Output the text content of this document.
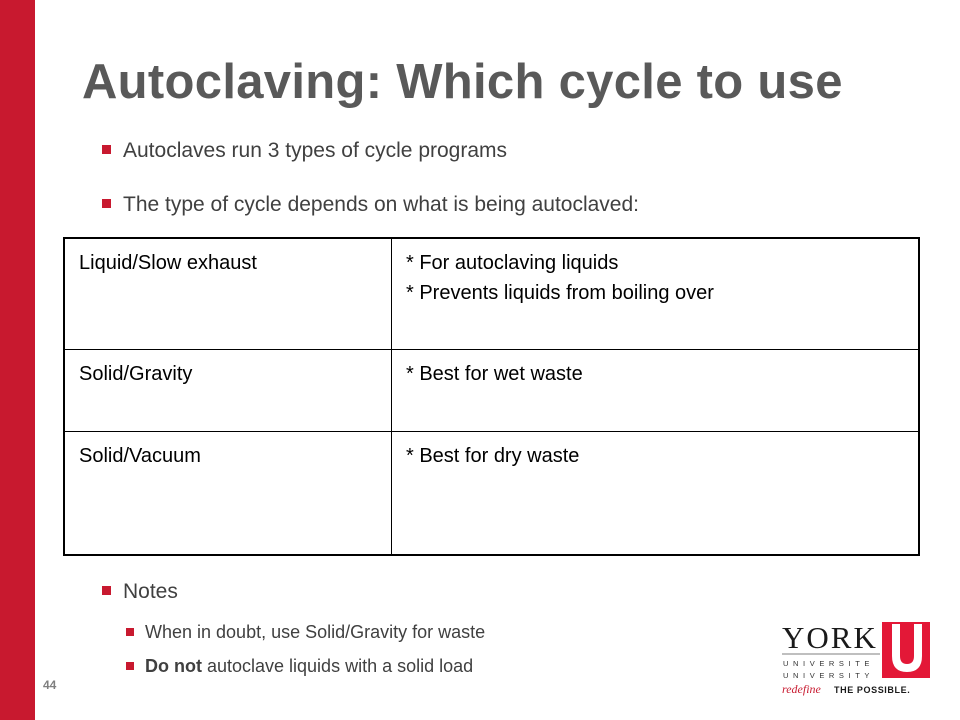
Autoclaving: Which cycle to use
Autoclaves run 3 types of cycle programs
The type of cycle depends on what is being autoclaved:
Liquid/Slow exhaust	* For autoclaving liquids
* Prevents liquids from boiling over

Solid/Gravity	* Best for wet waste

Solid/Vacuum	* Best for dry waste
Notes
When in doubt, use Solid/Gravity for waste
Do not autoclave liquids with a solid load
44
YORK
UNIVERSITE
UNIVERSITY
redefine THE POSSIBLE.
